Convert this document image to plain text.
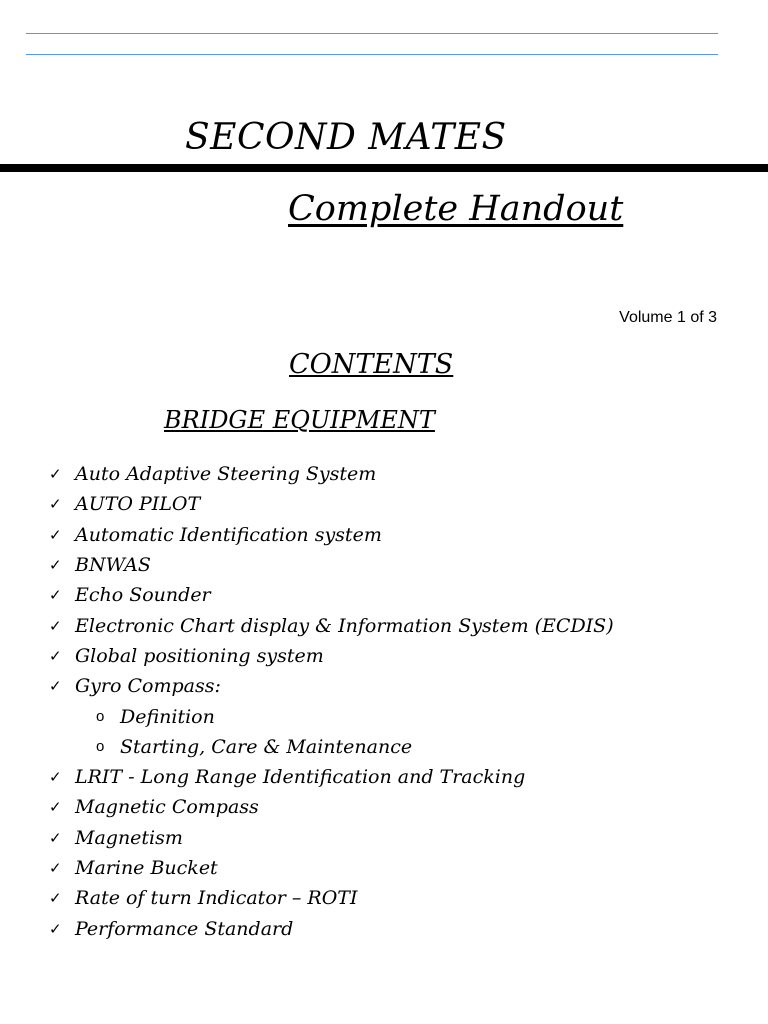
SECOND MATES
Complete Handout
Volume 1 of 3
CONTENTS
BRIDGE EQUIPMENT
✓ Auto Adaptive Steering System
✓ AUTO PILOT
✓ Automatic Identification system
✓ BNWAS
✓ Echo Sounder
✓ Electronic Chart display & Information System (ECDIS)
✓ Global positioning system
✓ Gyro Compass:
o Definition
o Starting, Care & Maintenance
✓ LRIT - Long Range Identification and Tracking
✓ Magnetic Compass
✓ Magnetism
✓ Marine Bucket
✓ Rate of turn Indicator – ROTI
✓ Performance Standard
